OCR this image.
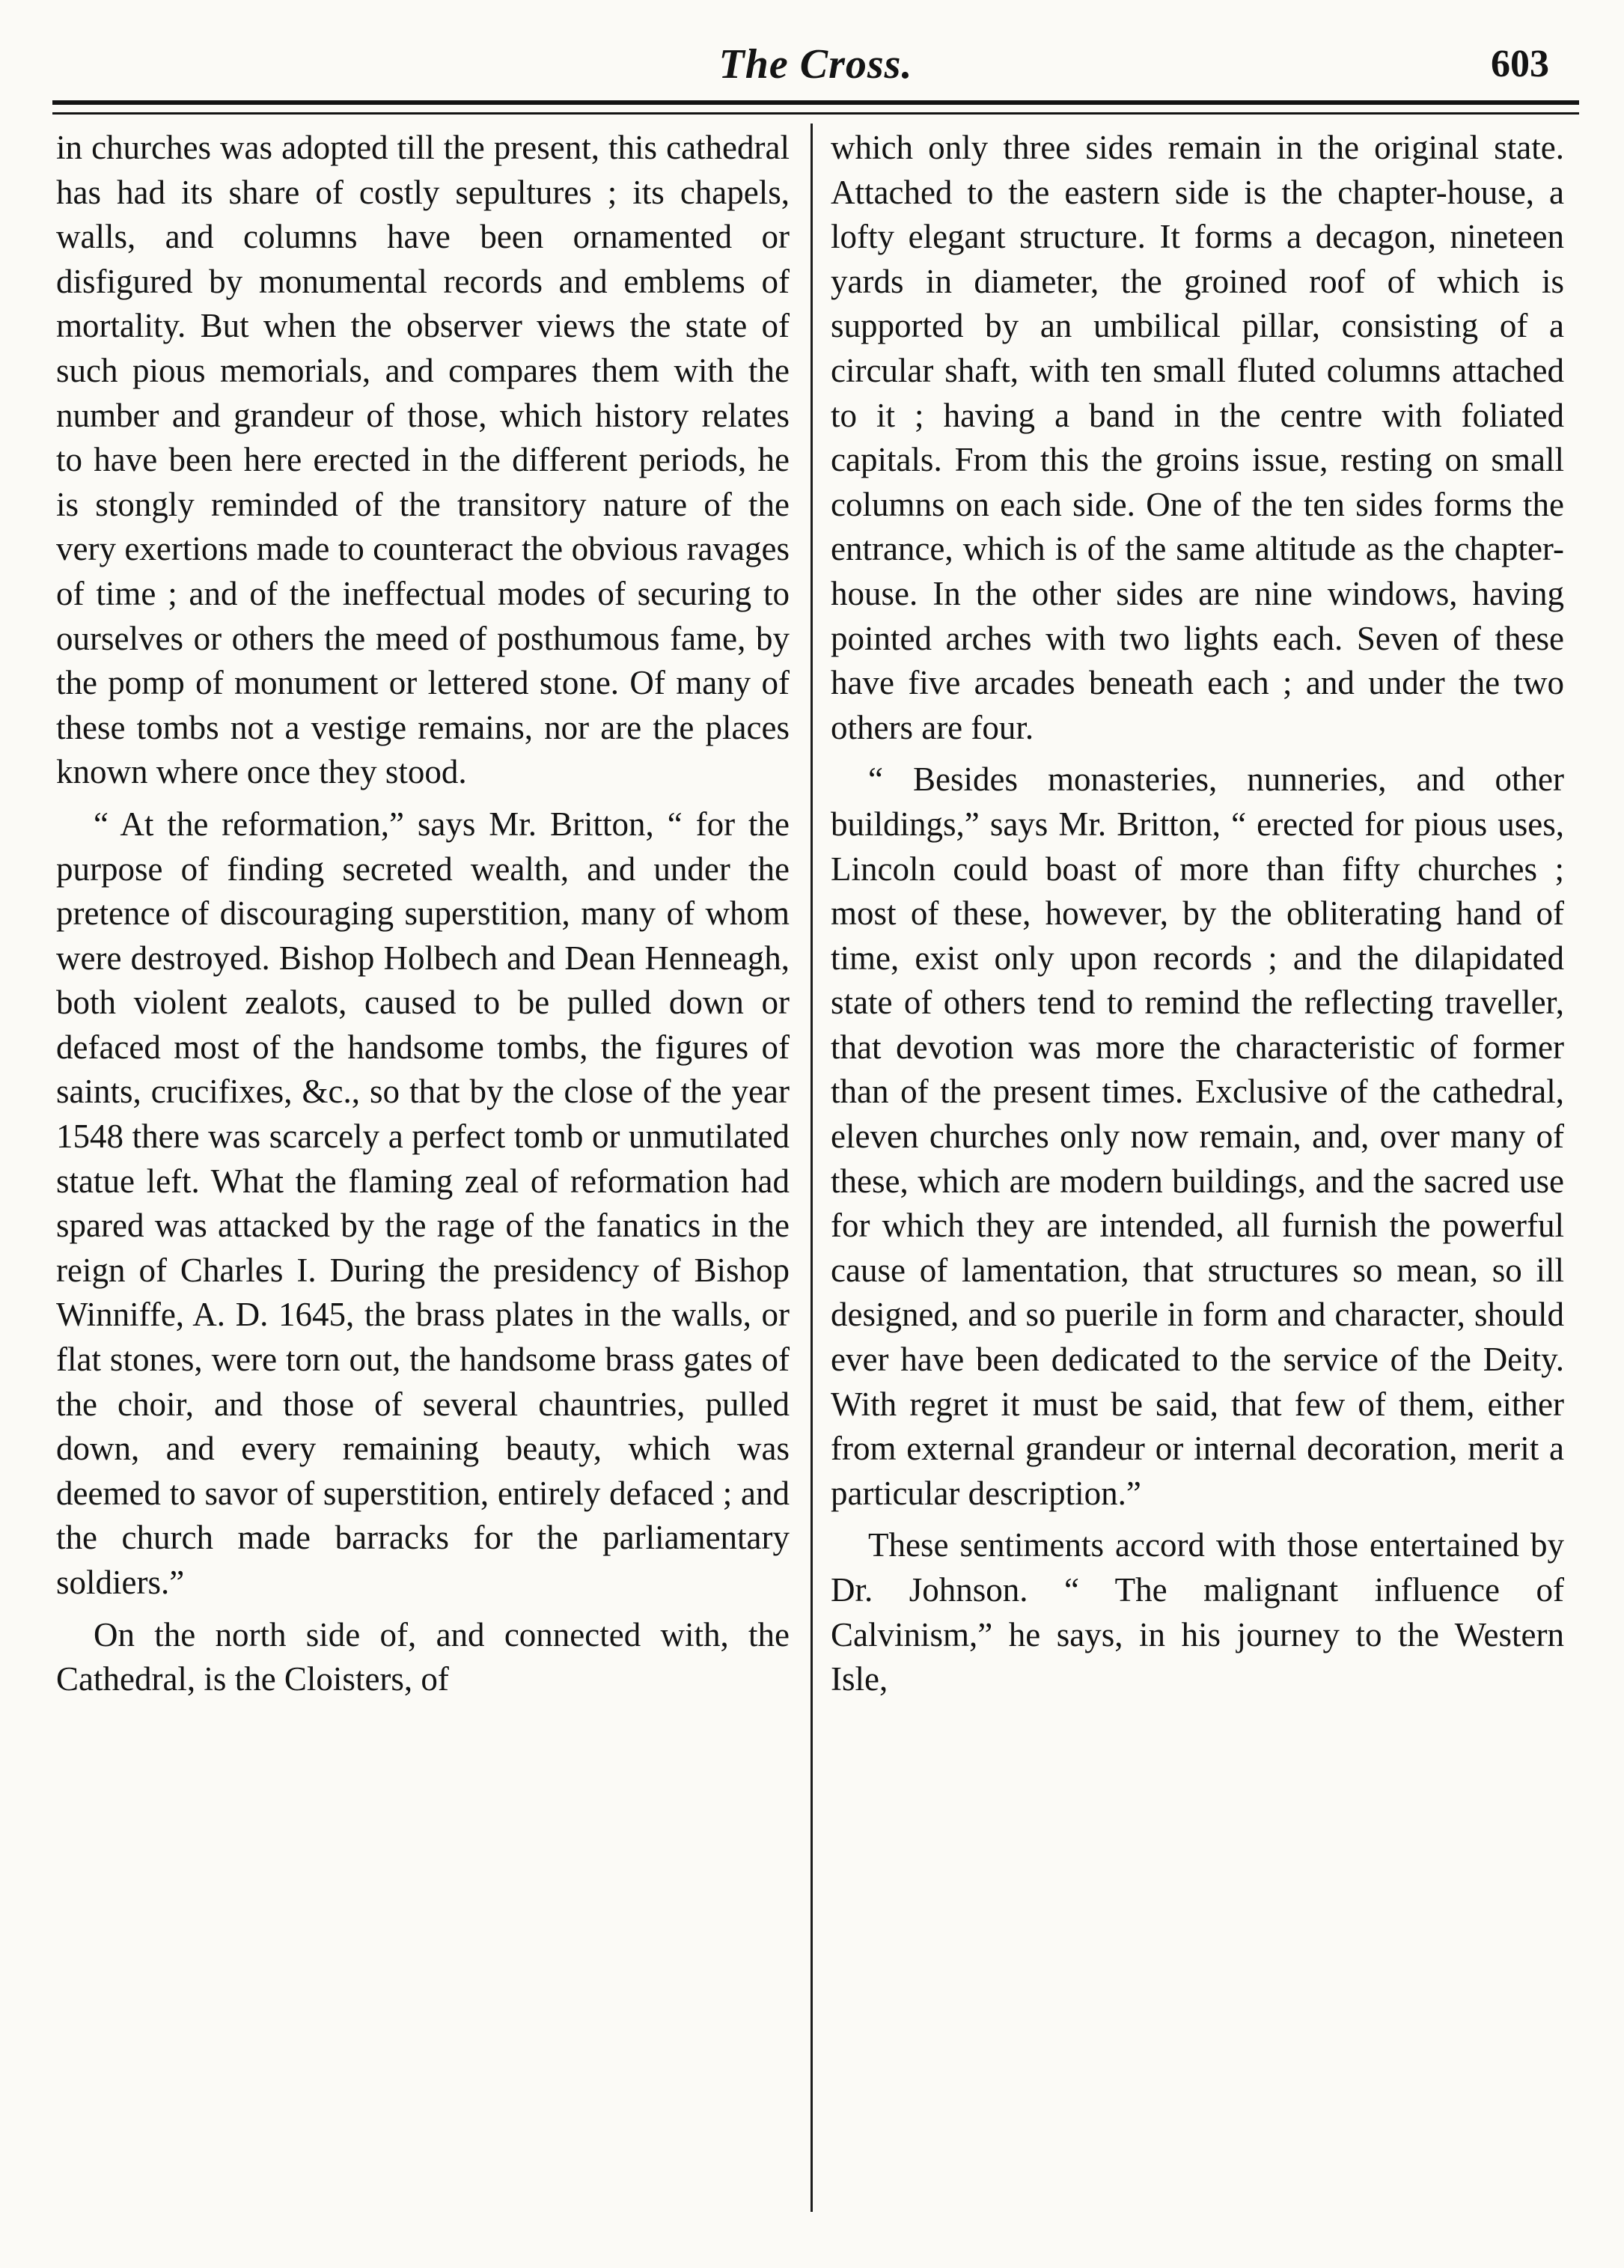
The Cross.	603

in churches was adopted till the present, this cathedral has had its share of costly sepultures ; its chapels, walls, and columns have been ornamented or disfigured by monumental records and emblems of mortality. But when the observer views the state of such pious memorials, and compares them with the number and grandeur of those, which history relates to have been here erected in the different periods, he is stongly reminded of the transitory nature of the very exertions made to counteract the obvious ravages of time ; and of the ineffectual modes of securing to ourselves or others the meed of posthumous fame, by the pomp of monument or lettered stone. Of many of these tombs not a vestige remains, nor are the places known where once they stood.

“ At the reformation,” says Mr. Britton, “ for the purpose of finding secreted wealth, and under the pretence of discouraging superstition, many of whom were destroyed. Bishop Holbech and Dean Henneagh, both violent zealots, caused to be pulled down or defaced most of the handsome tombs, the figures of saints, crucifixes, &c., so that by the close of the year 1548 there was scarcely a perfect tomb or unmutilated statue left. What the flaming zeal of reformation had spared was attacked by the rage of the fanatics in the reign of Charles I. During the presidency of Bishop Winniffe, A. D. 1645, the brass plates in the walls, or flat stones, were torn out, the handsome brass gates of the choir, and those of several chauntries, pulled down, and every remaining beauty, which was deemed to savor of superstition, entirely defaced ; and the church made barracks for the parliamentary soldiers.”

On the north side of, and connected with, the Cathedral, is the Cloisters, of

which only three sides remain in the original state. Attached to the eastern side is the chapter-house, a lofty elegant structure. It forms a decagon, nineteen yards in diameter, the groined roof of which is supported by an umbilical pillar, consisting of a circular shaft, with ten small fluted columns attached to it ; having a band in the centre with foliated capitals. From this the groins issue, resting on small columns on each side. One of the ten sides forms the entrance, which is of the same altitude as the chapter-house. In the other sides are nine windows, having pointed arches with two lights each. Seven of these have five arcades beneath each ; and under the two others are four.

“ Besides monasteries, nunneries, and other buildings,” says Mr. Britton, “ erected for pious uses, Lincoln could boast of more than fifty churches ; most of these, however, by the obliterating hand of time, exist only upon records ; and the dilapidated state of others tend to remind the reflecting traveller, that devotion was more the characteristic of former than of the present times. Exclusive of the cathedral, eleven churches only now remain, and, over many of these, which are modern buildings, and the sacred use for which they are intended, all furnish the powerful cause of lamentation, that structures so mean, so ill designed, and so puerile in form and character, should ever have been dedicated to the service of the Deity. With regret it must be said, that few of them, either from external grandeur or internal decoration, merit a particular description.”

These sentiments accord with those entertained by Dr. Johnson. “ The malignant influence of Calvinism,” he says, in his journey to the Western Isle,
